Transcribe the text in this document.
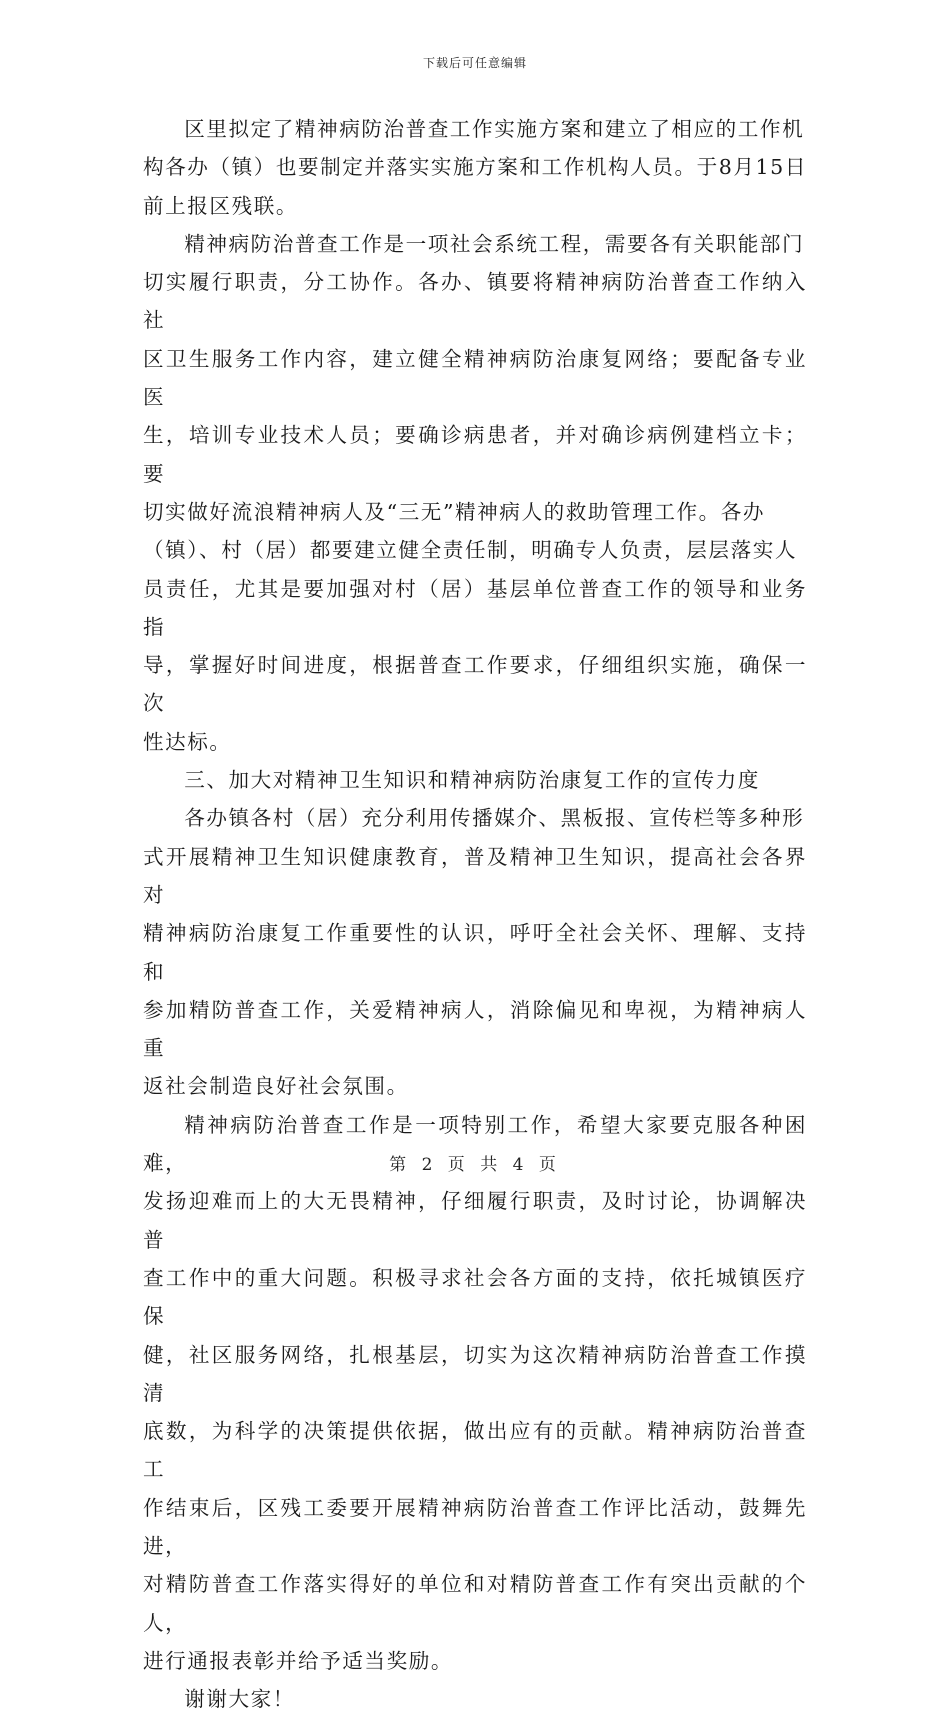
下载后可任意编辑

区里拟定了精神病防治普查工作实施方案和建立了相应的工作机
构各办（镇）也要制定并落实实施方案和工作机构人员。于8月15日
前上报区残联。

精神病防治普查工作是一项社会系统工程，需要各有关职能部门
切实履行职责，分工协作。各办、镇要将精神病防治普查工作纳入社
区卫生服务工作内容，建立健全精神病防治康复网络；要配备专业医
生，培训专业技术人员；要确诊病患者，并对确诊病例建档立卡；要
切实做好流浪精神病人及“三无”精神病人的救助管理工作。各办
（镇）、村（居）都要建立健全责任制，明确专人负责，层层落实人
员责任，尤其是要加强对村（居）基层单位普查工作的领导和业务指
导，掌握好时间进度，根据普查工作要求，仔细组织实施，确保一次
性达标。

三、加大对精神卫生知识和精神病防治康复工作的宣传力度

各办镇各村（居）充分利用传播媒介、黑板报、宣传栏等多种形
式开展精神卫生知识健康教育，普及精神卫生知识，提高社会各界对
精神病防治康复工作重要性的认识，呼吁全社会关怀、理解、支持和
参加精防普查工作，关爱精神病人，消除偏见和卑视，为精神病人重
返社会制造良好社会氛围。

精神病防治普查工作是一项特别工作，希望大家要克服各种困难，
发扬迎难而上的大无畏精神，仔细履行职责，及时讨论，协调解决普
查工作中的重大问题。积极寻求社会各方面的支持，依托城镇医疗保
健，社区服务网络，扎根基层，切实为这次精神病防治普查工作摸清
底数，为科学的决策提供依据，做出应有的贡献。精神病防治普查工
作结束后，区残工委要开展精神病防治普查工作评比活动，鼓舞先进，
对精防普查工作落实得好的单位和对精防普查工作有突出贡献的个人，
进行通报表彰并给予适当奖励。

谢谢大家！

第 2 页 共 4 页
